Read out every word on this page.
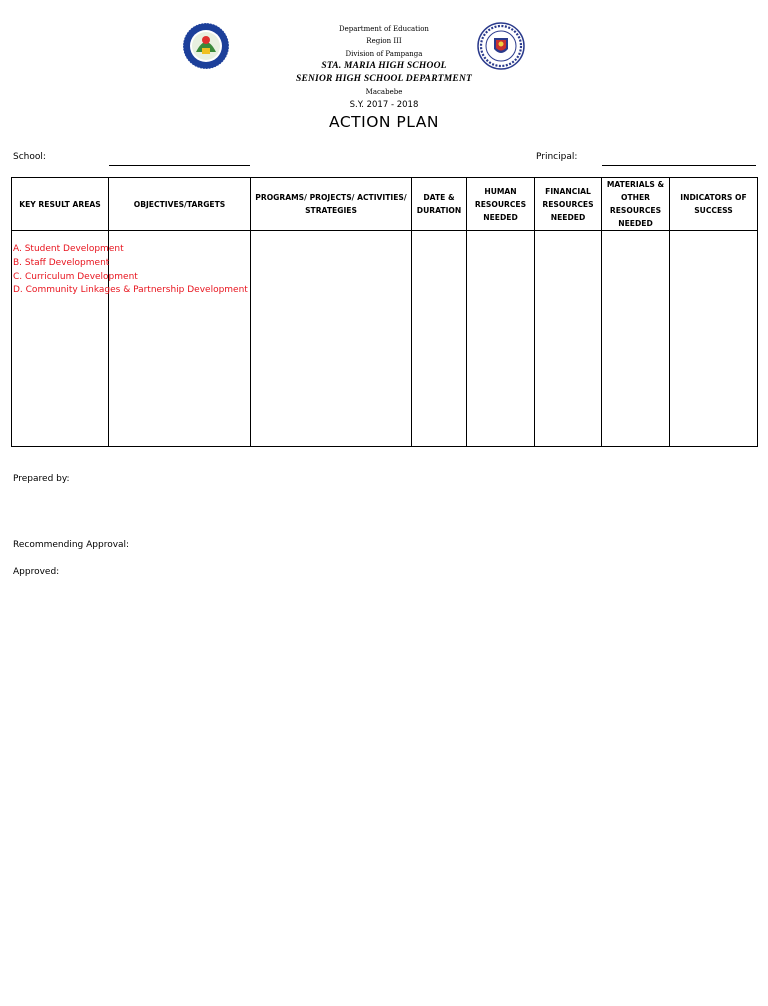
Department of Education
Region III
Division of Pampanga
STA. MARIA HIGH SCHOOL
SENIOR HIGH SCHOOL DEPARTMENT
Macabebe
S.Y. 2017 - 2018
ACTION PLAN
School:	Principal:
KEY RESULT AREAS	OBJECTIVES/TARGETS	PROGRAMS/ PROJECTS/ ACTIVITIES/ STRATEGIES	DATE & DURATION	HUMAN RESOURCES NEEDED	FINANCIAL RESOURCES NEEDED	MATERIALS & OTHER RESOURCES NEEDED	INDICATORS OF SUCCESS

A. Student Development
B. Staff Development
C. Curriculum Development
D. Community Linkages & Partnership Development
Prepared by:
Recommending Approval:
Approved:
